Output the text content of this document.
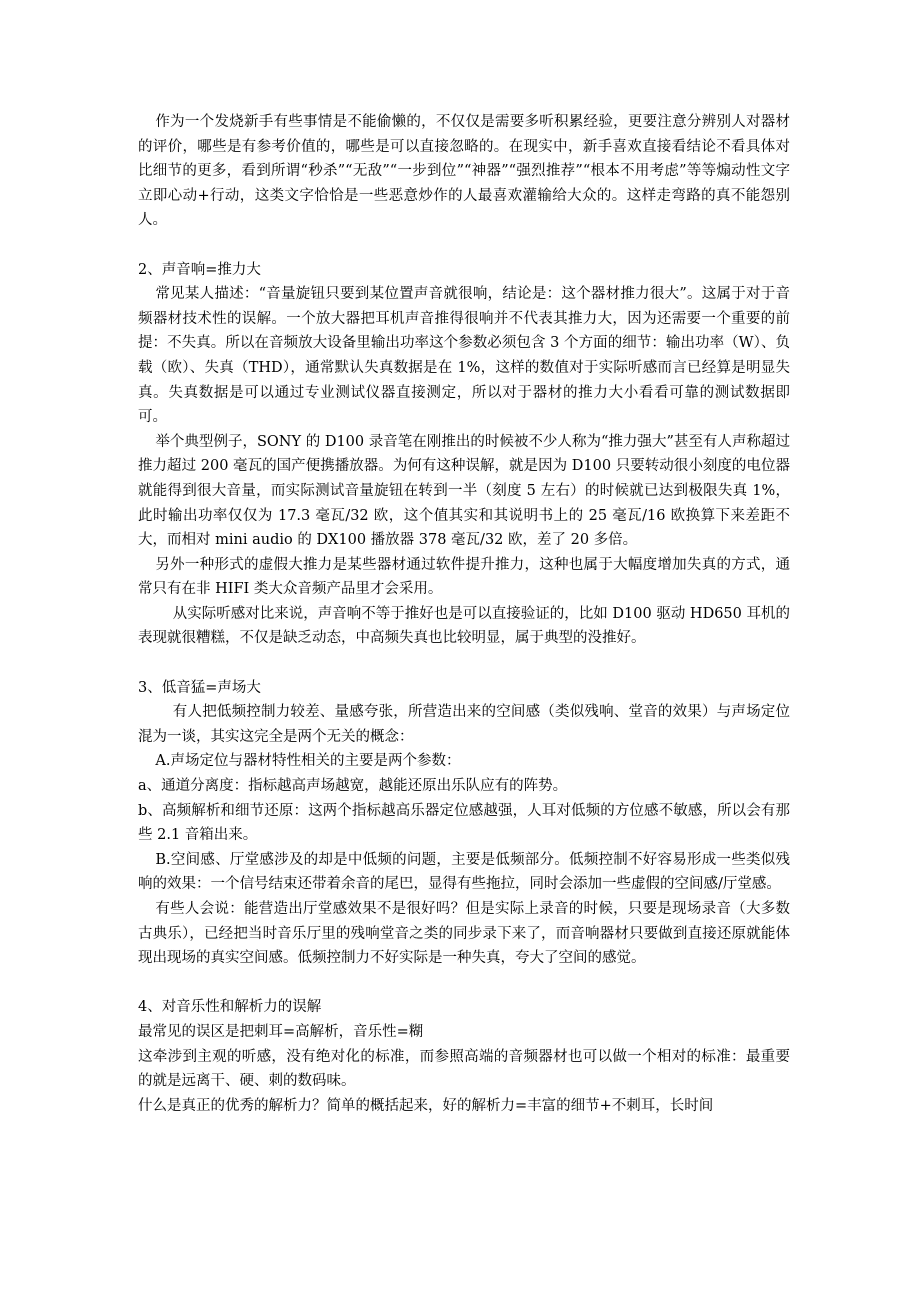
作为一个发烧新手有些事情是不能偷懒的，不仅仅是需要多听积累经验，更要注意分辨别人对器材的评价，哪些是有参考价值的，哪些是可以直接忽略的。在现实中，新手喜欢直接看结论不看具体对比细节的更多，看到所谓“秒杀”“无敌”“一步到位”“神器”“强烈推荐”“根本不用考虑”等等煽动性文字立即心动+行动，这类文字恰恰是一些恶意炒作的人最喜欢灌输给大众的。这样走弯路的真不能怨别人。

2、声音响=推力大

常见某人描述：“音量旋钮只要到某位置声音就很响，结论是：这个器材推力很大”。这属于对于音频器材技术性的误解。一个放大器把耳机声音推得很响并不代表其推力大，因为还需要一个重要的前提：不失真。所以在音频放大设备里输出功率这个参数必须包含 3 个方面的细节：输出功率（W）、负载（欧）、失真（THD），通常默认失真数据是在 1%，这样的数值对于实际听感而言已经算是明显失真。失真数据是可以通过专业测试仪器直接测定，所以对于器材的推力大小看看可靠的测试数据即可。

举个典型例子，SONY 的 D100 录音笔在刚推出的时候被不少人称为“推力强大”甚至有人声称超过推力超过 200 毫瓦的国产便携播放器。为何有这种误解，就是因为 D100 只要转动很小刻度的电位器就能得到很大音量，而实际测试音量旋钮在转到一半（刻度 5 左右）的时候就已达到极限失真 1%，此时输出功率仅仅为 17.3 毫瓦/32 欧，这个值其实和其说明书上的 25 毫瓦/16 欧换算下来差距不大，而相对 mini audio 的 DX100 播放器 378 毫瓦/32 欧，差了 20 多倍。

另外一种形式的虚假大推力是某些器材通过软件提升推力，这种也属于大幅度增加失真的方式，通常只有在非 HIFI 类大众音频产品里才会采用。

从实际听感对比来说，声音响不等于推好也是可以直接验证的，比如 D100 驱动 HD650 耳机的表现就很糟糕，不仅是缺乏动态，中高频失真也比较明显，属于典型的没推好。

3、低音猛=声场大

有人把低频控制力较差、量感夸张，所营造出来的空间感（类似残响、堂音的效果）与声场定位混为一谈，其实这完全是两个无关的概念：

A.声场定位与器材特性相关的主要是两个参数：

a、通道分离度：指标越高声场越宽，越能还原出乐队应有的阵势。

b、高频解析和细节还原：这两个指标越高乐器定位感越强，人耳对低频的方位感不敏感，所以会有那些 2.1 音箱出来。

B.空间感、厅堂感涉及的却是中低频的问题，主要是低频部分。低频控制不好容易形成一些类似残响的效果：一个信号结束还带着余音的尾巴，显得有些拖拉，同时会添加一些虚假的空间感/厅堂感。

有些人会说：能营造出厅堂感效果不是很好吗？但是实际上录音的时候，只要是现场录音（大多数古典乐），已经把当时音乐厅里的残响堂音之类的同步录下来了，而音响器材只要做到直接还原就能体现出现场的真实空间感。低频控制力不好实际是一种失真，夸大了空间的感觉。

4、对音乐性和解析力的误解

最常见的误区是把刺耳=高解析，音乐性=糊

这牵涉到主观的听感，没有绝对化的标准，而参照高端的音频器材也可以做一个相对的标准：最重要的就是远离干、硬、刺的数码味。

什么是真正的优秀的解析力？简单的概括起来，好的解析力=丰富的细节+不刺耳，长时间
